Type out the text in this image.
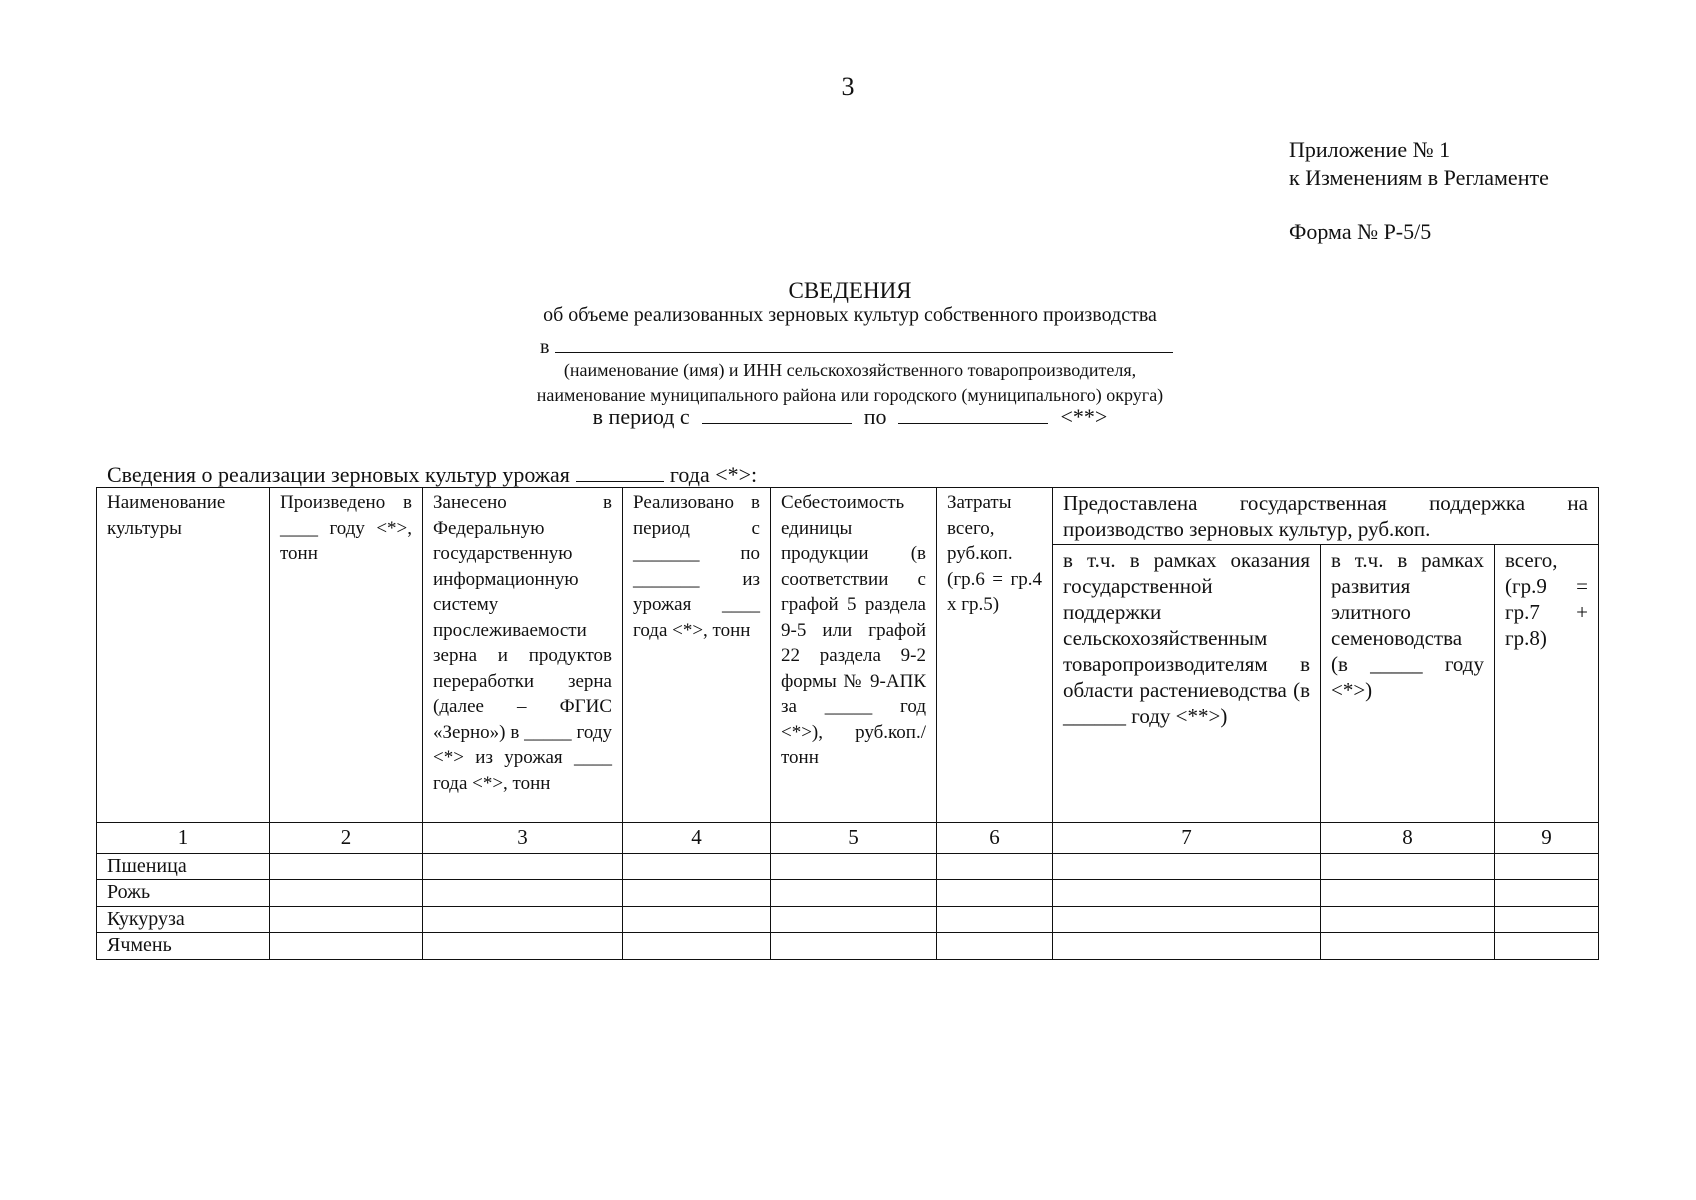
3
Приложение № 1
к Изменениям в Регламенте
Форма № Р-5/5
СВЕДЕНИЯ
об объеме реализованных зерновых культур собственного производства
в
(наименование (имя) и ИНН сельскохозяйственного товаропроизводителя,
наименование муниципального района или городского (муниципального) округа)
в период с	по	<**>
Сведения о реализации зерновых культур урожая	года <*>:
Наименование культуры	Произведено в ____ году <*>, тонн	Занесено в Федеральную государственную информационную систему прослеживаемости зерна и продуктов переработки зерна (далее – ФГИС «Зерно») в _____ году <*> из урожая ____ года <*>, тонн	Реализовано в период с _______ по _______ из урожая ____ года <*>, тонн	Себестоимость единицы продукции (в соответствии с графой 5 раздела 9-5 или графой 22 раздела 9-2 формы № 9-АПК за _____ год <*>), руб.коп./тонн	Затраты всего, руб.коп. (гр.6 = гр.4 x гр.5)	Предоставлена государственная поддержка на производство зерновых культур, руб.коп.		
						в т.ч. в рамках оказания государственной поддержки сельскохозяйственным товаропроизводителям в области растениеводства (в ______ году <**>)	в т.ч. в рамках развития элитного семеноводства (в _____ году <*>)	всего, (гр.9 = гр.7 + гр.8)
1	2	3	4	5	6	7	8	9
Пшеница								
Рожь								
Кукуруза								
Ячмень								
